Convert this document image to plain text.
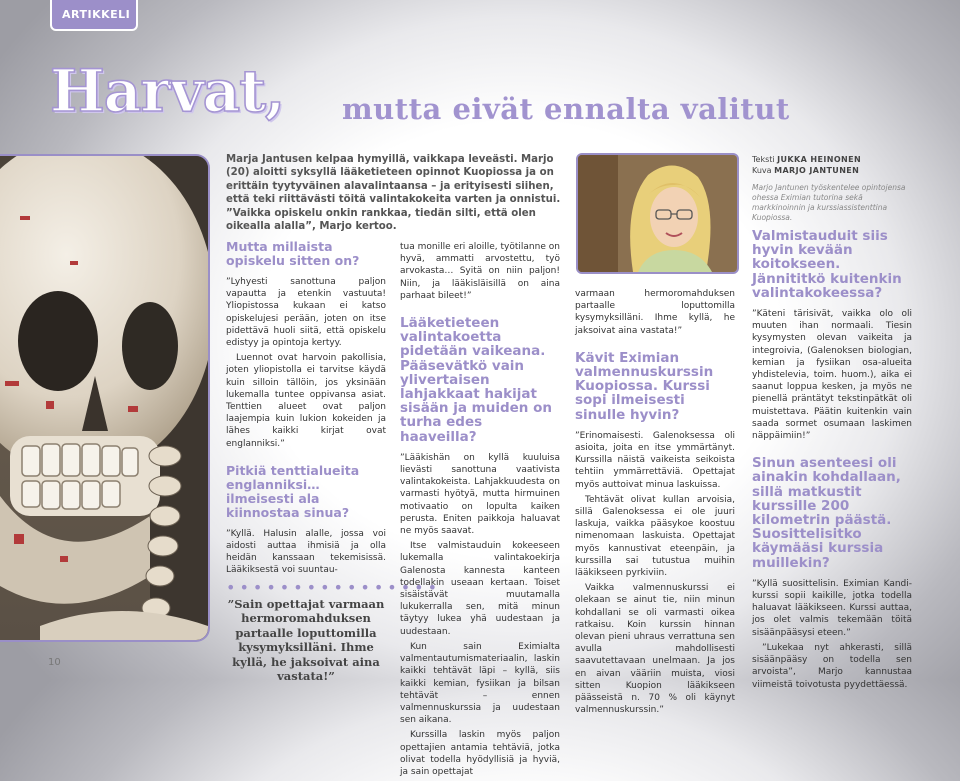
ARTIKKELI
Harvat, mutta eivät ennalta valitut
Marja Jantusen kelpaa hymyillä, vaikkapa leveästi. Marjo (20) aloitti syksyllä lääketieteen opinnot Kuopiossa ja on erittäin tyytyväinen alavalintaansa – ja erityisesti siihen, että teki riittävästi töitä valintakokeita varten ja onnistui. ”Vaikka opiskelu onkin rankkaa, tiedän silti, että olen oikealla alalla”, Marjo kertoo.
Mutta millaista opiskelu sitten on?

”Lyhyesti sanottuna paljon vapautta ja etenkin vastuuta! Yliopistossa kukaan ei katso opiskelujesi perään, joten on itse pidettävä huoli siitä, että opiskelu edistyy ja opintoja kertyy.

Luennot ovat harvoin pakollisia, joten yliopistolla ei tarvitse käydä kuin silloin tällöin, jos yksinään lukemalla tuntee oppivansa asiat. Tenttien alueet ovat paljon laajempia kuin lukion kokeiden ja lähes kaikki kirjat ovat englanniksi.”

Pitkiä tenttialueita englanniksi… ilmeisesti ala kiinnostaa sinua?

”Kyllä. Halusin alalle, jossa voi aidosti auttaa ihmisiä ja olla heidän kanssaan tekemisissä. Lääkiksestä voi suuntau-

••••••••••••••••
”Sain opettajat varmaan hermoromahduksen partaalle loputtomilla kysymyksilläni. Ihme kyllä, he jaksoivat aina vastata!”

tua monille eri aloille, työtilanne on hyvä, ammatti arvostettu, työ arvokasta… Syitä on niin paljon! Niin, ja lääkisläisillä on aina parhaat bileet!”

Lääketieteen valintakoetta pidetään vaikeana. Pääsevätkö vain ylivertaisen lahjakkaat hakijat sisään ja muiden on turha edes haaveilla?

”Lääkishän on kyllä kuuluisa lievästi sanottuna vaativista valintakokeista. Lahjakkuudesta on varmasti hyötyä, mutta hirmuinen motivaatio on lopulta kaiken perusta. Eniten paikkoja haluavat ne myös saavat.

Itse valmistauduin kokeeseen lukemalla valintakoekirja Galenosta kannesta kanteen todellakin useaan kertaan. Toiset sisäistävät muutamalla lukukerralla sen, mitä minun täytyy lukea yhä uudestaan ja uudestaan.

Kun sain Eximialta valmentautumismateriaalin, laskin kaikki tehtävät läpi – kyllä, siis kaikki kemian, fysiikan ja bilsan tehtävät – ennen valmennuskurssia ja uudestaan sen aikana.

Kurssilla laskin myös paljon opettajien antamia tehtäviä, jotka olivat todella hyödyllisiä ja hyviä, ja sain opettajat

varmaan hermoromahduksen partaalle loputtomilla kysymyksilläni. Ihme kyllä, he jaksoivat aina vastata!”

Kävit Eximian valmennuskurssin Kuopiossa. Kurssi sopi ilmeisesti sinulle hyvin?

”Erinomaisesti. Galenoksessa oli asioita, joita en itse ymmärtänyt. Kurssilla näistä vaikeista seikoista tehtiin ymmärrettäviä. Opettajat myös auttoivat minua laskuissa.

Tehtävät olivat kullan arvoisia, sillä Galenoksessa ei ole juuri laskuja, vaikka pääsykoe koostuu nimenomaan laskuista. Opettajat myös kannustivat eteenpäin, ja kurssilla sai tutustua muihin lääkikseen pyrkiviin.

Vaikka valmennuskurssi ei olekaan se ainut tie, niin minun kohdallani se oli varmasti oikea ratkaisu. Koin kurssin hinnan olevan pieni uhraus verrattuna sen avulla mahdollisesti saavutettavaan unelmaan. Ja jos en aivan vääriin muista, viosi sitten Kuopion lääkikseen päässeistä n. 70 % oli käynyt valmennuskurssin.”

Teksti JUKKA HEINONEN
Kuva MARJO JANTUNEN
Marjo Jantunen työskentelee opintojensa ohessa Eximian tutorina sekä markkinoinnin ja kurssiassistenttina Kuopiossa.
Valmistauduit siis hyvin kevään koitokseen. Jännititkö kuitenkin valintakokeessa?

”Käteni tärisivät, vaikka olo oli muuten ihan normaali. Tiesin kysymysten olevan vaikeita ja integroivia, (Galenoksen biologian, kemian ja fysiikan osa-alueita yhdistelevia, toim. huom.), aika ei saanut loppua kesken, ja myös ne pienellä präntätyt tekstinpätkät oli muistettava. Päätin kuitenkin vain saada sormet osumaan laskimen näppäimiin!”

Sinun asenteesi oli ainakin kohdallaan, sillä matkustit kurssille 200 kilometrin päästä. Suosittelisitko käymääsi kurssia muillekin?

”Kyllä suosittelisin. Eximian Kandi-kurssi sopii kaikille, jotka todella haluavat lääkikseen. Kurssi auttaa, jos olet valmis tekemään töitä sisäänpääsysi eteen.”

”Lukekaa nyt ahkerasti, sillä sisäänpääsy on todella sen arvoista”, Marjo kannustaa viimeistä toivotusta pyydettäessä.

10
